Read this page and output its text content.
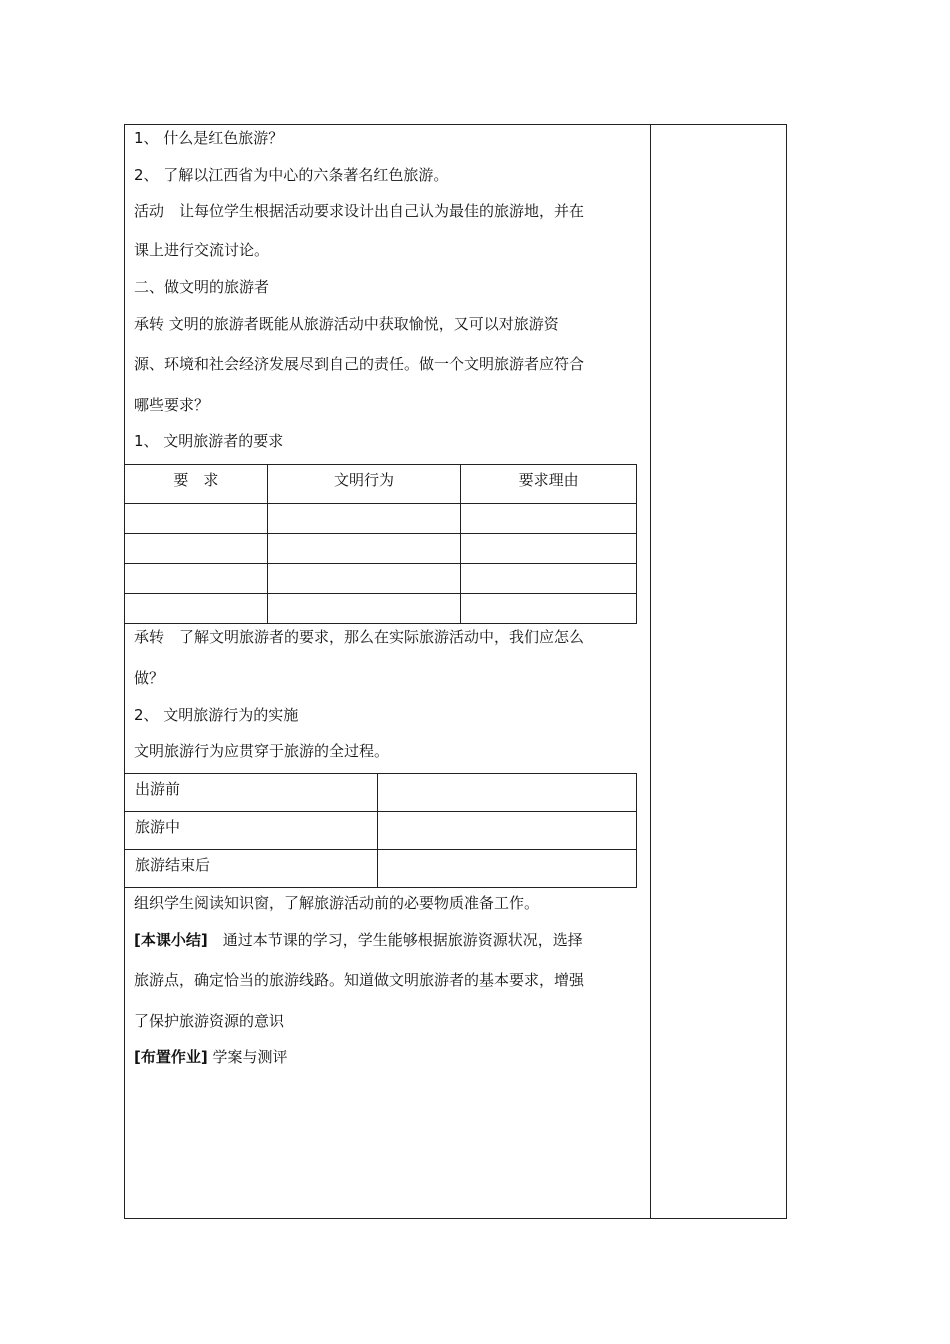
1、 什么是红色旅游？
2、 了解以江西省为中心的六条著名红色旅游。
活动　让每位学生根据活动要求设计出自己认为最佳的旅游地，并在
课上进行交流讨论。
二、做文明的旅游者
承转 文明的旅游者既能从旅游活动中获取愉悦，又可以对旅游资
源、环境和社会经济发展尽到自己的责任。做一个文明旅游者应符合
哪些要求？
1、 文明旅游者的要求
要　求	文明行为	要求理由

承转　了解文明旅游者的要求，那么在实际旅游活动中，我们应怎么
做？
2、 文明旅游行为的实施
文明旅游行为应贯穿于旅游的全过程。
出游前	
旅游中	
旅游结束后	
组织学生阅读知识窗，了解旅游活动前的必要物质准备工作。
[本课小结]　通过本节课的学习，学生能够根据旅游资源状况，选择
旅游点，确定恰当的旅游线路。知道做文明旅游者的基本要求，增强
了保护旅游资源的意识
[布置作业] 学案与测评
